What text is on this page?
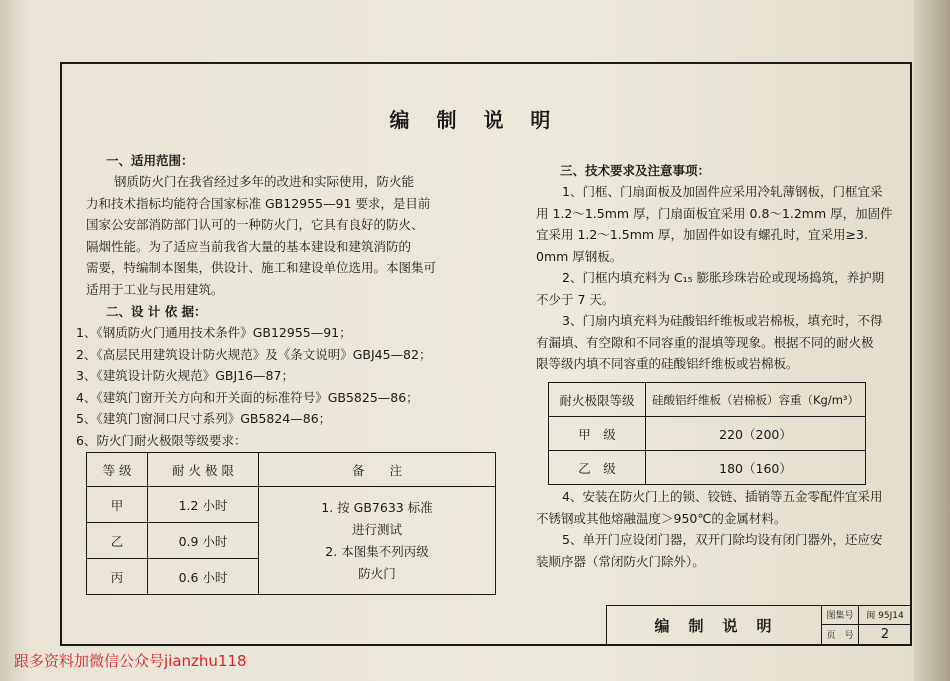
编 制 说 明
一、适用范围：
钢质防火门在我省经过多年的改进和实际使用，防火能
力和技术指标均能符合国家标准 GB12955—91 要求，是目前
国家公安部消防部门认可的一种防火门，它具有良好的防火、
隔烟性能。为了适应当前我省大量的基本建设和建筑消防的
需要，特编制本图集，供设计、施工和建设单位选用。本图集可
适用于工业与民用建筑。
二、设 计 依 据：
1、《钢质防火门通用技术条件》GB12955—91；
2、《高层民用建筑设计防火规范》及《条文说明》GBJ45—82；
3、《建筑设计防火规范》GBJ16—87；
4、《建筑门窗开关方向和开关面的标准符号》GB5825—86；
5、《建筑门窗洞口尺寸系列》GB5824—86；
6、防火门耐火极限等级要求：
等 级	耐 火 极 限	备　　注
甲	1.2 小时	1. 按 GB7633 标准
进行测试
2. 本图集不列丙级
防火门

乙	0.9 小时	
丙	0.6 小时	
三、技术要求及注意事项：
1、门框、门扇面板及加固件应采用冷轧薄钢板，门框宜采
用 1.2～1.5mm 厚，门扇面板宜采用 0.8～1.2mm 厚，加固件
宜采用 1.2～1.5mm 厚，加固件如设有螺孔时，宜采用≥3.
0mm 厚钢板。
2、门框内填充料为 C₁₅ 膨胀珍珠岩砼或现场捣筑，养护期
不少于 7 天。
3、门扇内填充料为硅酸铝纤维板或岩棉板，填充时，不得
有漏填、有空隙和不同容重的混填等现象。根据不同的耐火极
限等级内填不同容重的硅酸铝纤维板或岩棉板。
耐火极限等级	硅酸铝纤维板（岩棉板）容重（Kg/m³）
甲　级	220（200）
乙　级	180（160）
4、安装在防火门上的锁、铰链、插销等五金零配件宜采用
不锈钢或其他熔融温度＞950℃的金属材料。
5、单开门应设闭门器，双开门除均设有闭门器外，还应安
装顺序器（常闭防火门除外）。
编　制　说　明	图集号	闽 95J14
	页　号	2
跟多资料加微信公众号jianzhu118
